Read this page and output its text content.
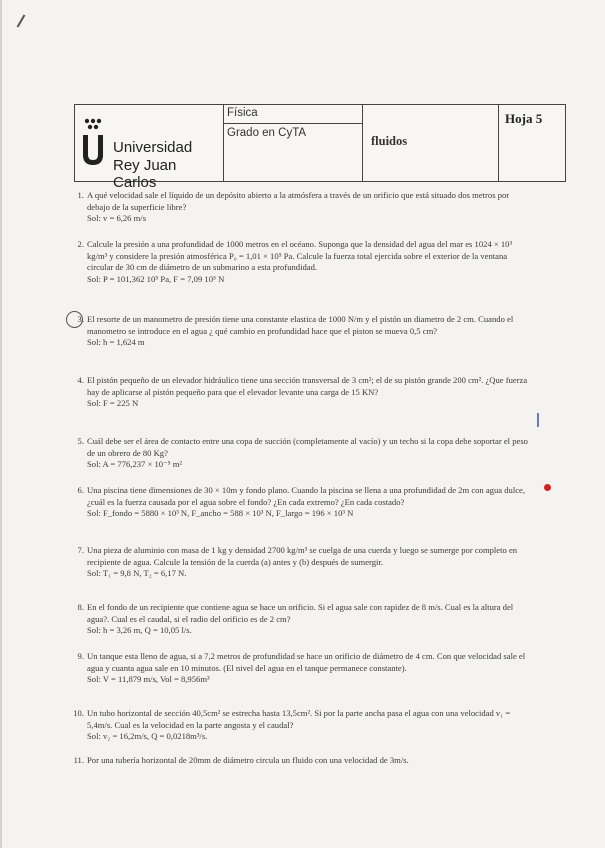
Universidad
Rey Juan Carlos
Física
Grado en CyTA
fluidos
Hoja 5
1. A qué velocidad sale el líquido de un depósito abierto a la atmósfera a través de un orificio que está situado dos metros por debajo de la superficie libre?
Sol: v = 6,26 m/s
2. Calcule la presión a una profundidad de 1000 metros en el océano. Suponga que la densidad del agua del mar es 1024 × 10³ kg/m³ y considere la presión atmosférica P₀ = 1,01 × 10⁵ Pa. Calcule la fuerza total ejercida sobre el exterior de la ventana circular de 30 cm de diámetro de un submarino a esta profundidad.
Sol: P = 101,362 10⁵ Pa, F = 7,09 10⁵ N
3. El resorte de un manometro de presión tiene una constante elastica de 1000 N/m y el pistón un diametro de 2 cm. Cuando el manometro se introduce en el agua ¿ qué cambio en profundidad hace que el piston se mueva 0,5 cm?
Sol: h = 1,624 m
4. El pistón pequeño de un elevador hidráulico tiene una sección transversal de 3 cm²; el de su pistón grande 200 cm². ¿Que fuerza hay de aplicarse al pistón pequeño para que el elevador levante una carga de 15 KN?
Sol: F = 225 N
5. Cuál debe ser el área de contacto entre una copa de succión (completamente al vacío) y un techo si la copa debe soportar el peso de un obrero de 80 Kg?
Sol: A = 776,237 × 10⁻⁵ m²
6. Una piscina tiene dimensiones de 30 × 10m y fondo plano. Cuando la piscina se llena a una profundidad de 2m con agua dulce, ¿cuál es la fuerza causada por el agua sobre el fondo? ¿En cada extremo? ¿En cada costado?
Sol: F_fondo = 5880 × 10³ N, F_ancho = 588 × 10³ N, F_largo = 196 × 10³ N
7. Una pieza de aluminio con masa de 1 kg y densidad 2700 kg/m³ se cuelga de una cuerda y luego se sumerge por completo en recipiente de agua. Calcule la tensión de la cuerda (a) antes y (b) después de sumergir.
Sol: T₁ = 9,8 N, T₂ = 6,17 N.
8. En el fondo de un recipiente que contiene agua se hace un orificio. Si el agua sale con rapidez de 8 m/s. Cual es la altura del agua?. Cual es el caudal, si el radio del orificio es de 2 cm?
Sol: h = 3,26 m, Q = 10,05 l/s.
9. Un tanque esta lleno de agua, si a 7,2 metros de profundidad se hace un orificio de diámetro de 4 cm. Con que velocidad sale el agua y cuanta agua sale en 10 minutos. (El nivel del agua en el tanque permanece constante).
Sol: V = 11,879 m/s, Vol = 8,956m³
10. Un tubo horizontal de sección 40,5cm² se estrecha hasta 13,5cm². Si por la parte ancha pasa el agua con una velocidad v₁ = 5,4m/s. Cual es la velocidad en la parte angosta y el caudal?
Sol: v₂ = 16,2m/s, Q = 0,0218m³/s.
11. Por una tubería horizontal de 20mm de diámetro circula un fluido con una velocidad de 3m/s.
